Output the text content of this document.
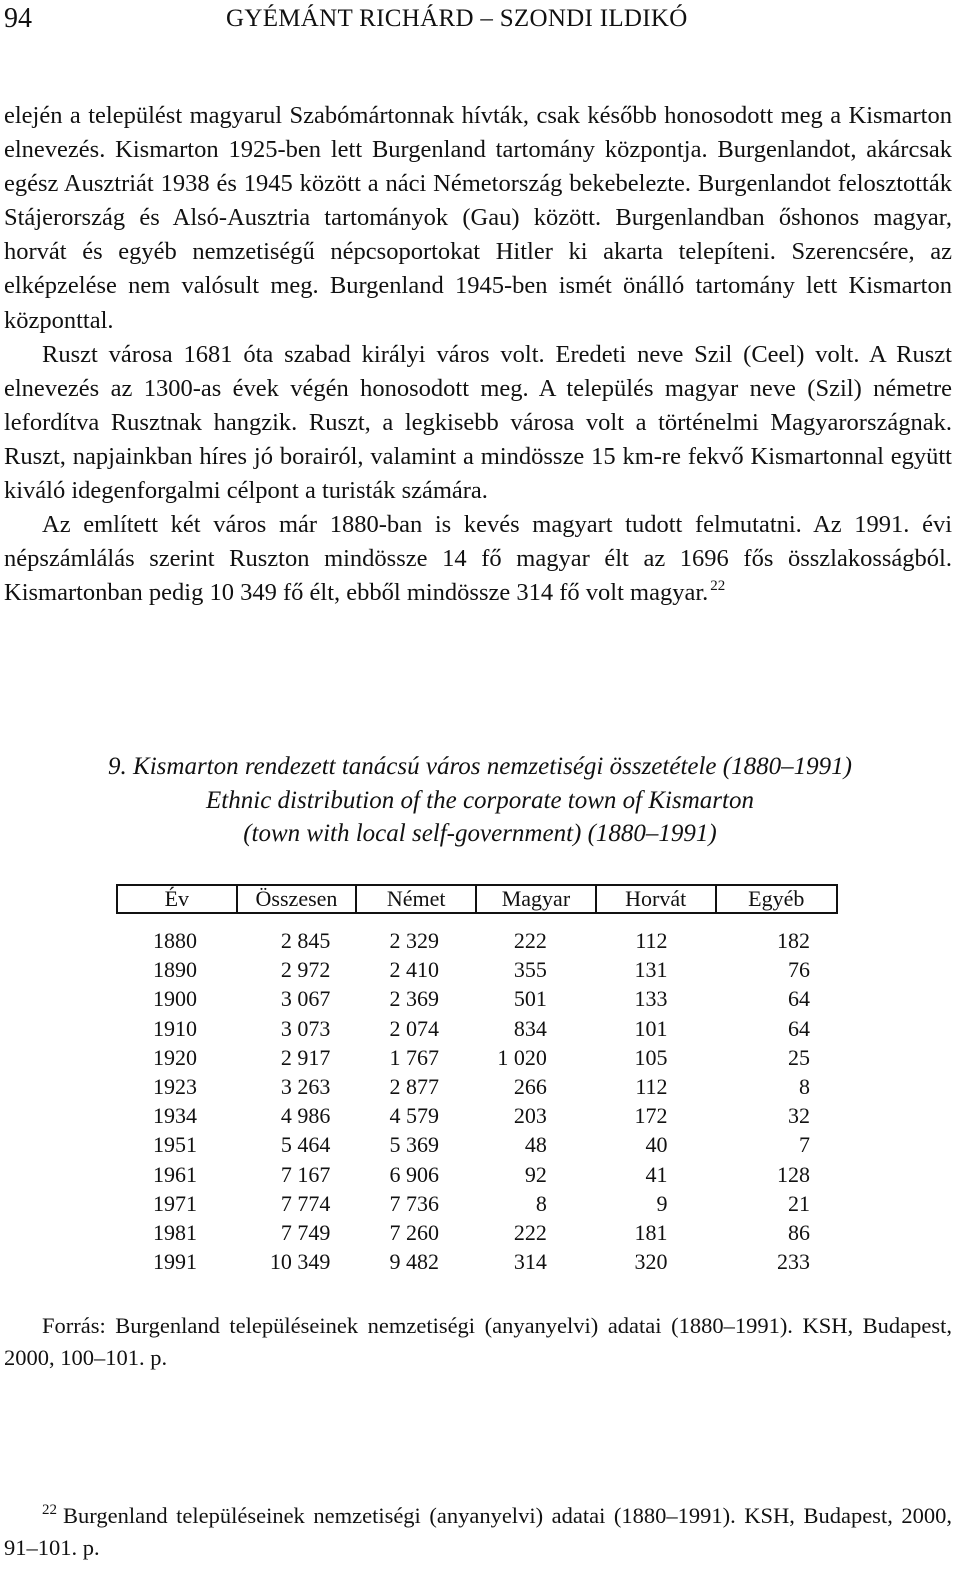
94	GYÉMÁNT RICHÁRD – SZONDI ILDIKÓ

elején a települést magyarul Szabómártonnak hívták, csak később honosodott meg a Kismarton elnevezés. Kismarton 1925-ben lett Burgenland tartomány központja. Burgenlandot, akárcsak egész Ausztriát 1938 és 1945 között a náci Németország bekebelezte. Burgenlandot felosztották Stájerország és Alsó-Ausztria tartományok (Gau) között. Burgenlandban őshonos magyar, horvát és egyéb nemzetiségű népcsoportokat Hitler ki akarta telepíteni. Szerencsére, az elképzelése nem valósult meg. Burgenland 1945-ben ismét önálló tartomány lett Kismarton központtal.

Ruszt városa 1681 óta szabad királyi város volt. Eredeti neve Szil (Ceel) volt. A Ruszt elnevezés az 1300-as évek végén honosodott meg. A település magyar neve (Szil) németre lefordítva Rusztnak hangzik. Ruszt, a legkisebb városa volt a történelmi Magyarországnak. Ruszt, napjainkban híres jó borairól, valamint a mindössze 15 km-re fekvő Kismartonnal együtt kiváló idegenforgalmi célpont a turisták számára.

Az említett két város már 1880-ban is kevés magyart tudott felmutatni. Az 1991. évi népszámlálás szerint Ruszton mindössze 14 fő magyar élt az 1696 fős összlakosságból. Kismartonban pedig 10 349 fő élt, ebből mindössze 314 fő volt magyar. $^{22}$

9. Kismarton rendezett tanácsú város nemzetiségi összetétele (1880–1991)
Ethnic distribution of the corporate town of Kismarton
(town with local self-government) (1880–1991)
Év	Összesen	Német	Magyar	Horvát	Egyéb

1880	2 845	2 329	222	112	182
1890	2 972	2 410	355	131	76
1900	3 067	2 369	501	133	64
1910	3 073	2 074	834	101	64
1920	2 917	1 767	1 020	105	25
1923	3 263	2 877	266	112	8
1934	4 986	4 579	203	172	32
1951	5 464	5 369	48	40	7
1961	7 167	6 906	92	41	128
1971	7 774	7 736	8	9	21
1981	7 749	7 260	222	181	86
1991	10 349	9 482	314	320	233

Forrás: Burgenland településeinek nemzetiségi (anyanyelvi) adatai (1880–1991). KSH, Budapest, 2000, 100–101. p.

$^{22}$ Burgenland településeinek nemzetiségi (anyanyelvi) adatai (1880–1991). KSH, Budapest, 2000, 91–101. p.
